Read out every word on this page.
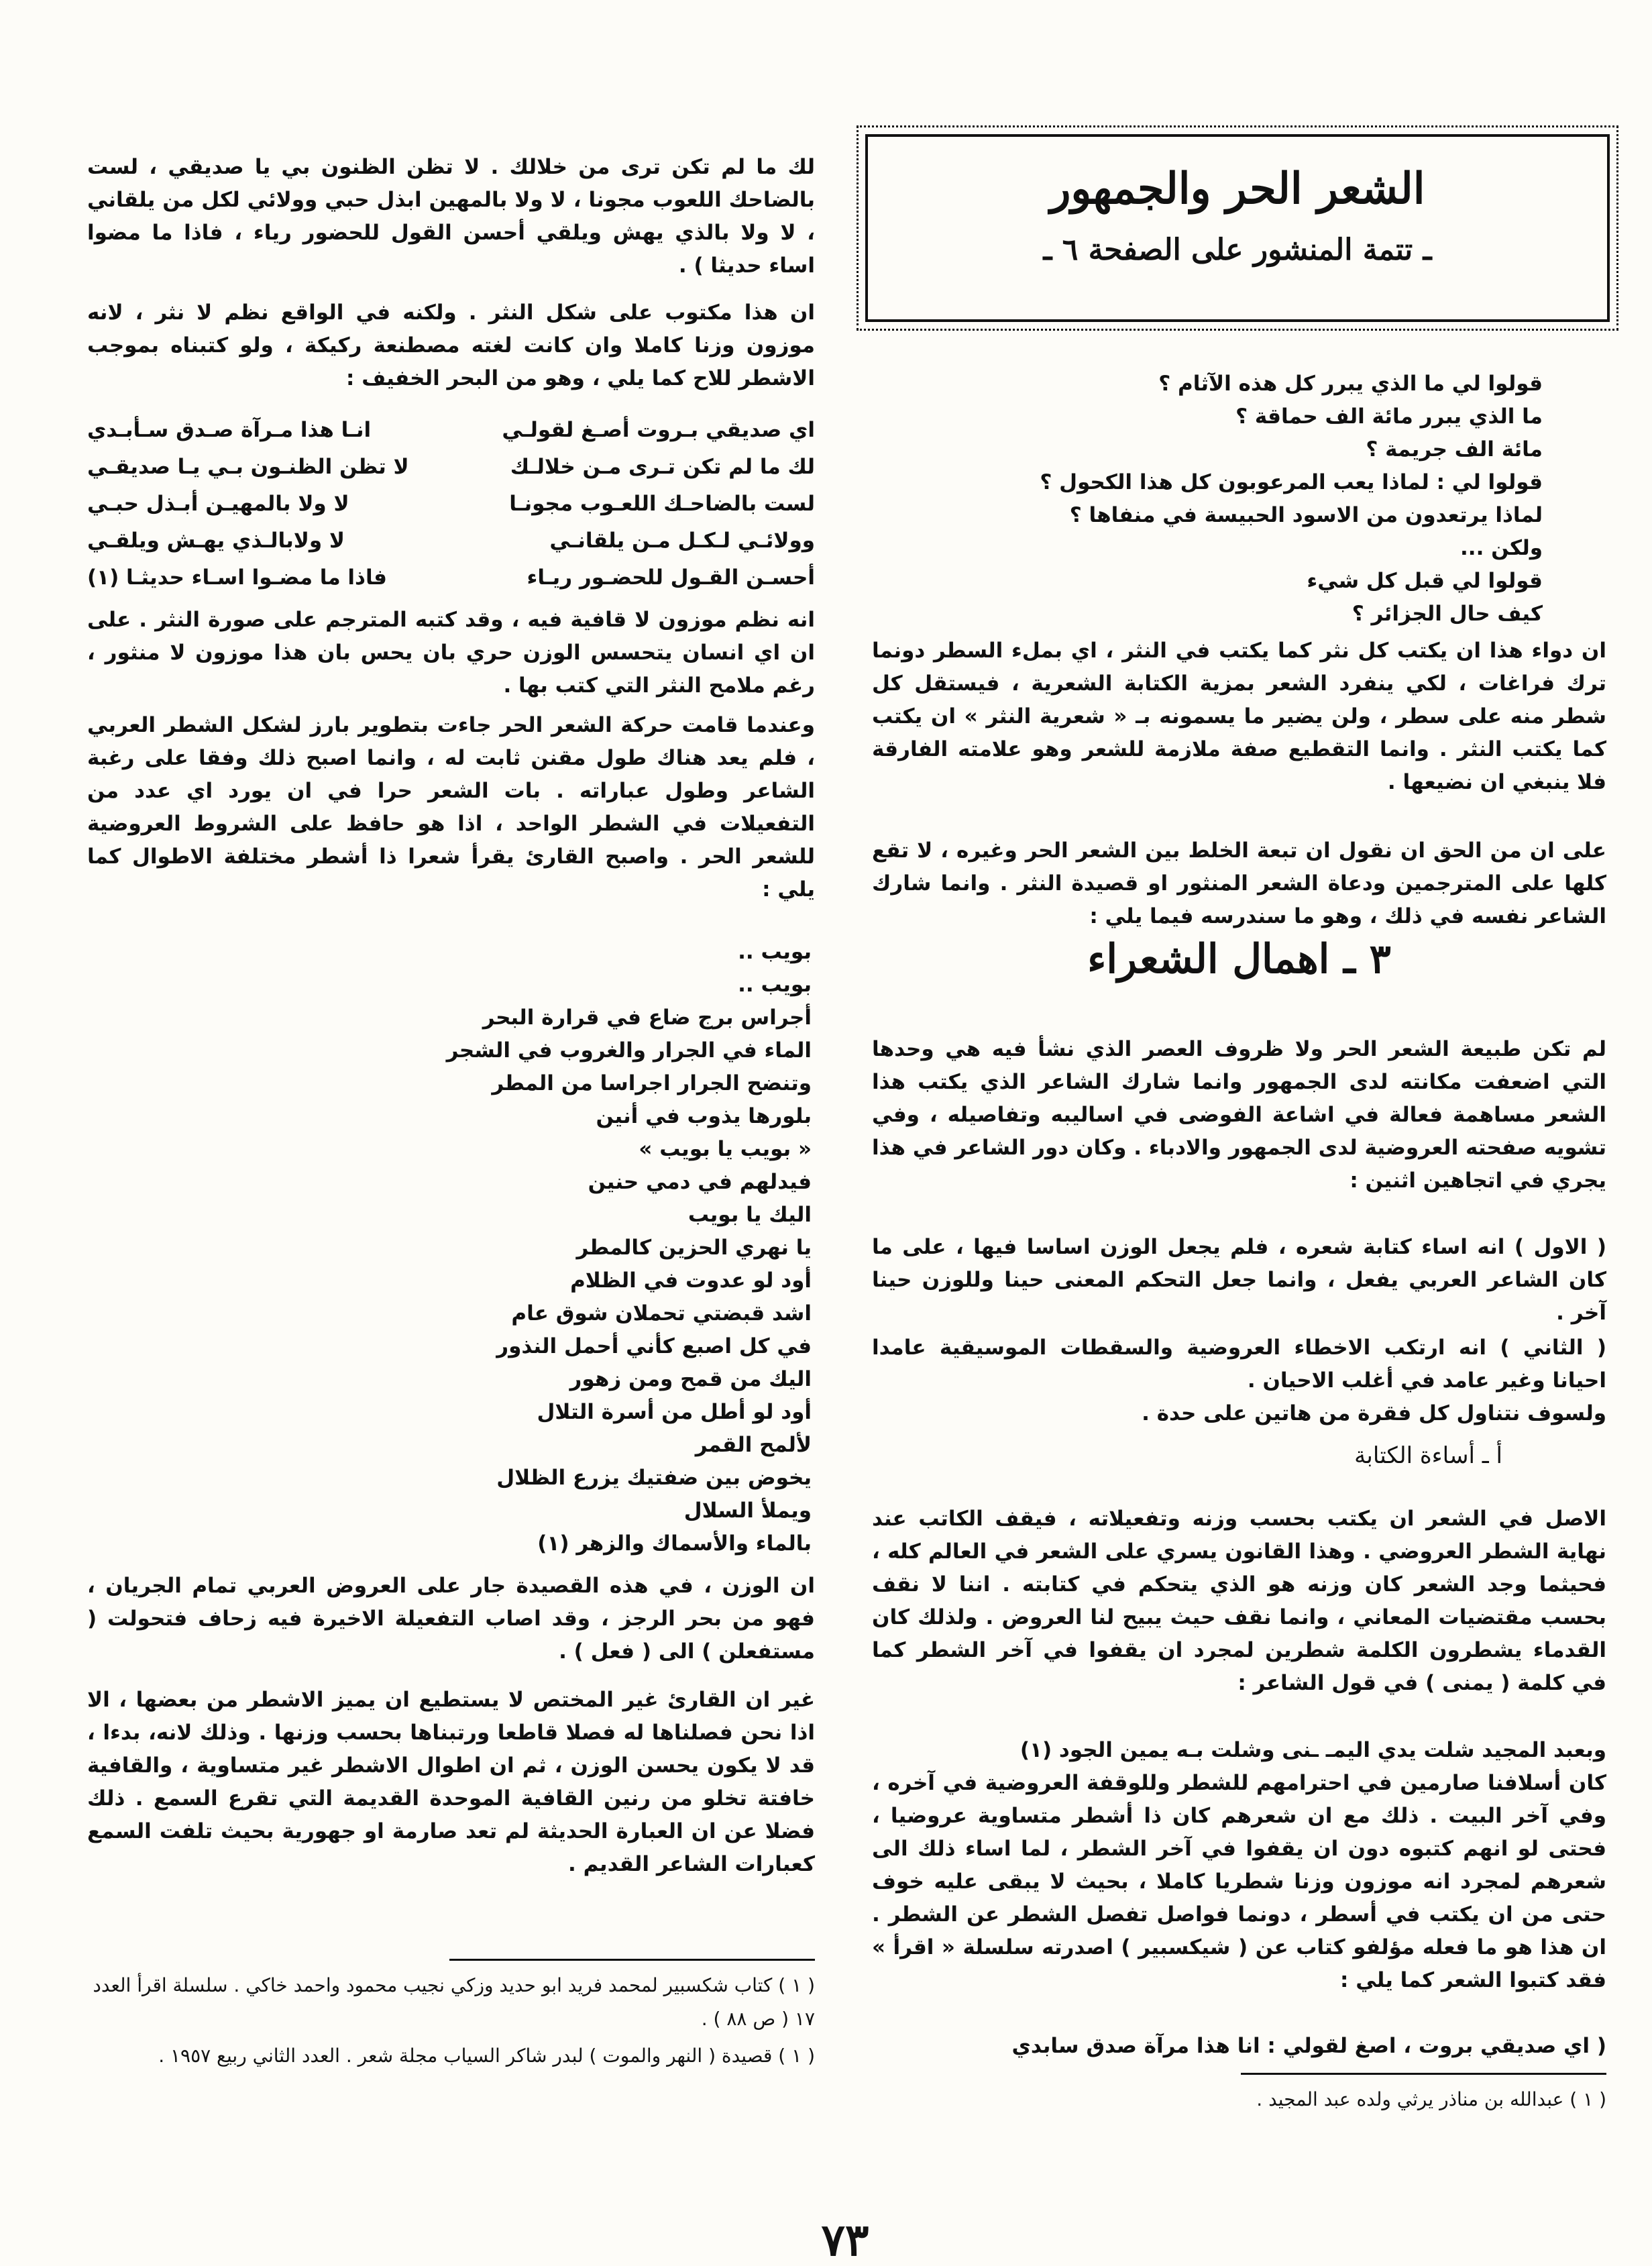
الشعر الحر والجمهور
ـ تتمة المنشور على الصفحة ٦ ـ
قولوا لي ما الذي يبرر كل هذه الآثام ؟
ما الذي يبرر مائة الف حماقة ؟
مائة الف جريمة ؟
قولوا لي : لماذا يعب المرعوبون كل هذا الكحول ؟
لماذا يرتعدون من الاسود الحبيسة في منفاها ؟
ولكن ...
قولوا لي قبل كل شيء
كيف حال الجزائر ؟
ان دواء هذا ان يكتب كل نثر كما يكتب في النثر ، اي بملء السطر دونما ترك فراغات ، لكي ينفرد الشعر بمزية الكتابة الشعرية ، فيستقل كل شطر منه على سطر ، ولن يضير ما يسمونه بـ « شعرية النثر » ان يكتب كما يكتب النثر . وانما التقطيع صفة ملازمة للشعر وهو علامته الفارقة فلا ينبغي ان نضيعها .
على ان من الحق ان نقول ان تبعة الخلط بين الشعر الحر وغيره ، لا تقع كلها على المترجمين ودعاة الشعر المنثور او قصيدة النثر . وانما شارك الشاعر نفسه في ذلك ، وهو ما سندرسه فيما يلي :
٣ ـ اهمال الشعراء
لم تكن طبيعة الشعر الحر ولا ظروف العصر الذي نشأ فيه هي وحدها التي اضعفت مكانته لدى الجمهور وانما شارك الشاعر الذي يكتب هذا الشعر مساهمة فعالة في اشاعة الفوضى في اساليبه وتفاصيله ، وفي تشويه صفحته العروضية لدى الجمهور والادباء . وكان دور الشاعر في هذا يجري في اتجاهين اثنين :
( الاول ) انه اساء كتابة شعره ، فلم يجعل الوزن اساسا فيها ، على ما كان الشاعر العربي يفعل ، وانما جعل التحكم المعنى حينا وللوزن حينا آخر .
( الثاني ) انه ارتكب الاخطاء العروضية والسقطات الموسيقية عامدا احيانا وغير عامد في أغلب الاحيان .
ولسوف نتناول كل فقرة من هاتين على حدة .
أ ـ أساءة الكتابة
الاصل في الشعر ان يكتب بحسب وزنه وتفعيلاته ، فيقف الكاتب عند نهاية الشطر العروضي . وهذا القانون يسري على الشعر في العالم كله ، فحيثما وجد الشعر كان وزنه هو الذي يتحكم في كتابته . اننا لا نقف بحسب مقتضيات المعاني ، وانما نقف حيث يبيح لنا العروض . ولذلك كان القدماء يشطرون الكلمة شطرين لمجرد ان يقفوا في آخر الشطر كما في كلمة ( يمنى ) في قول الشاعر :
وبعبد المجيد شلت يدي اليمـ ـنى وشلت بـه يمين الجود (١)
كان أسلافنا صارمين في احترامهم للشطر وللوقفة العروضية في آخره ، وفي آخر البيت . ذلك مع ان شعرهم كان ذا أشطر متساوية عروضيا ، فحتى لو انهم كتبوه دون ان يقفوا في آخر الشطر ، لما اساء ذلك الى شعرهم لمجرد انه موزون وزنا شطريا كاملا ، بحيث لا يبقى عليه خوف حتى من ان يكتب في أسطر ، دونما فواصل تفصل الشطر عن الشطر . ان هذا هو ما فعله مؤلفو كتاب عن ( شيكسبير ) اصدرته سلسلة « اقرأ » فقد كتبوا الشعر كما يلي :
( اي صديقي بروت ، اصغ لقولي : انا هذا مرآة صدق سابدي
( ١ ) عبدالله بن مناذر يرثي ولده عبد المجيد .
لك ما لم تكن ترى من خلالك . لا تظن الظنون بي يا صديقي ، لست بالضاحك اللعوب مجونا ، لا ولا بالمهين ابذل حبي وولائي لكل من يلقاني ، لا ولا بالذي يهش ويلقي أحسن القول للحضور رياء ، فاذا ما مضوا اساء حديثا ) .
ان هذا مكتوب على شكل النثر . ولكنه في الواقع نظم لا نثر ، لانه موزون وزنا كاملا وان كانت لغته مصطنعة ركيكة ، ولو كتبناه بموجب الاشطر للاح كما يلي ، وهو من البحر الخفيف :
اي صديقي بـروت أصـغ لقولـي
انـا هذا مـرآة صـدق سـأبـدي
لك ما لم تكن تـرى مـن خلالـك
لا تظن الظنـون بـي يـا صديقـي
لست بالضاحـك اللعـوب مجونـا
لا ولا بالمهيـن أبـذل حبـي
وولائـي لـكـل مـن يلقانـي
لا ولابالـذي يهـش ويلقـي
أحسـن القـول للحضـور ريـاء
فاذا ما مضـوا اسـاء حديثـا (١)
انه نظم موزون لا قافية فيه ، وقد كتبه المترجم على صورة النثر . على ان اي انسان يتحسس الوزن حري بان يحس بان هذا موزون لا منثور ، رغم ملامح النثر التي كتب بها .
وعندما قامت حركة الشعر الحر جاءت بتطوير بارز لشكل الشطر العربي ، فلم يعد هناك طول مقنن ثابت له ، وانما اصبح ذلك وفقا على رغبة الشاعر وطول عباراته . بات الشعر حرا في ان يورد اي عدد من التفعيلات في الشطر الواحد ، اذا هو حافظ على الشروط العروضية للشعر الحر . واصبح القارئ يقرأ شعرا ذا أشطر مختلفة الاطوال كما يلي :
بويب ..
بويب ..
أجراس برج ضاع في قرارة البحر
الماء في الجرار والغروب في الشجر
وتنضح الجرار اجراسا من المطر
بلورها يذوب في أنين
« بويب يا بويب »
فيدلهم في دمي حنين
اليك يا بويب
يا نهري الحزين كالمطر
أود لو عدوت في الظلام
اشد قبضتي تحملان شوق عام
في كل اصبع كأني أحمل النذور
اليك من قمح ومن زهور
أود لو أطل من أسرة التلال
لألمح القمر
يخوض بين ضفتيك يزرع الظلال
ويملأ السلال
بالماء والأسماك والزهر (١)
ان الوزن ، في هذه القصيدة جار على العروض العربي تمام الجريان ، فهو من بحر الرجز ، وقد اصاب التفعيلة الاخيرة فيه زحاف فتحولت ( مستفعلن ) الى ( فعل ) .
غير ان القارئ غير المختص لا يستطيع ان يميز الاشطر من بعضها ، الا اذا نحن فصلناها له فصلا قاطعا ورتبناها بحسب وزنها . وذلك لانه، بدءا ، قد لا يكون يحسن الوزن ، ثم ان اطوال الاشطر غير متساوية ، والقافية خافتة تخلو من رنين القافية الموحدة القديمة التي تقرع السمع . ذلك فضلا عن ان العبارة الحديثة لم تعد صارمة او جهورية بحيث تلفت السمع كعبارات الشاعر القديم .
( ١ ) كتاب شكسبير لمحمد فريد ابو حديد وزكي نجيب محمود واحمد خاكي . سلسلة اقرأ العدد ١٧ ( ص ٨٨ ) .
( ١ ) قصيدة ( النهر والموت ) لبدر شاكر السياب مجلة شعر . العدد الثاني ربيع ١٩٥٧ .
٧٣
